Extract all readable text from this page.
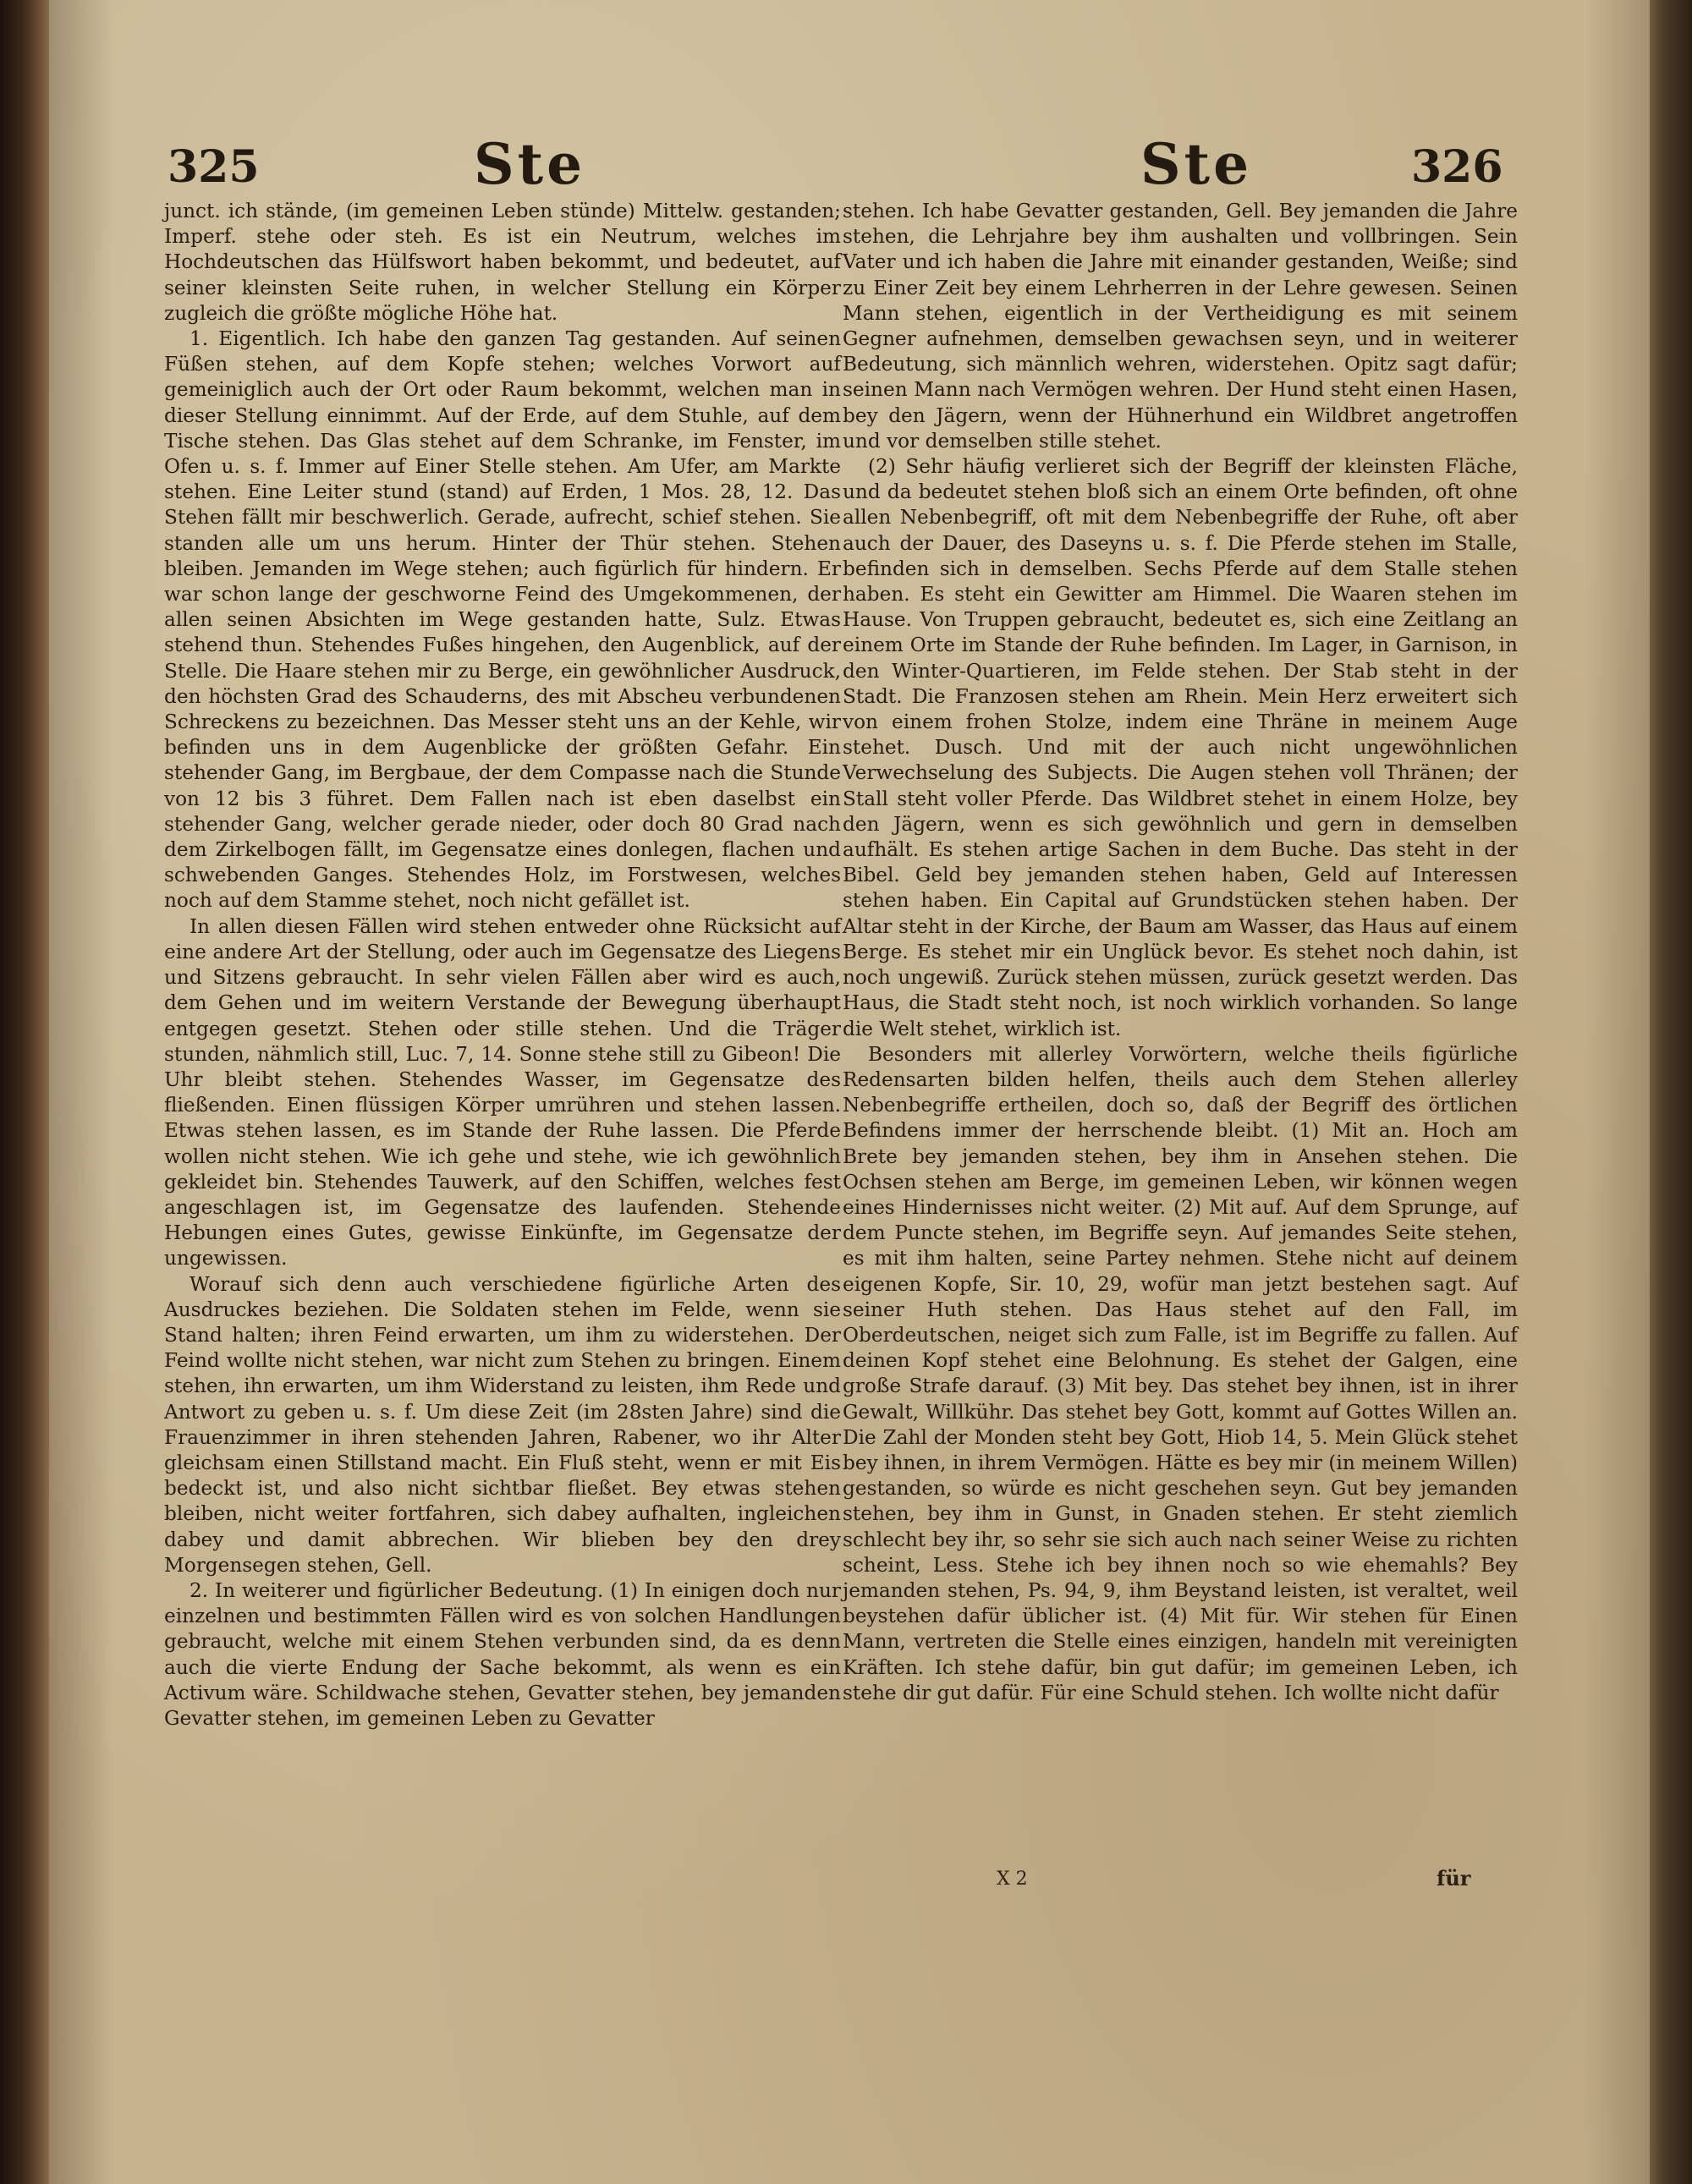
325	Ste	Ste	326

junct. ich stände, (im gemeinen Leben stünde) Mittelw. gestanden; Imperf. stehe oder steh. Es ist ein Neutrum, welches im Hochdeutschen das Hülfswort haben bekommt, und bedeutet, auf seiner kleinsten Seite ruhen, in welcher Stellung ein Körper zugleich die größte mögliche Höhe hat.

1. Eigentlich. Ich habe den ganzen Tag gestanden. Auf seinen Füßen stehen, auf dem Kopfe stehen; welches Vorwort auf gemeiniglich auch der Ort oder Raum bekommt, welchen man in dieser Stellung einnimmt. Auf der Erde, auf dem Stuhle, auf dem Tische stehen. Das Glas stehet auf dem Schranke, im Fenster, im Ofen u. s. f. Immer auf Einer Stelle stehen. Am Ufer, am Markte stehen. Eine Leiter stund (stand) auf Erden, 1 Mos. 28, 12. Das Stehen fällt mir beschwerlich. Gerade, aufrecht, schief stehen. Sie standen alle um uns herum. Hinter der Thür stehen. Stehen bleiben. Jemanden im Wege stehen; auch figürlich für hindern. Er war schon lange der geschworne Feind des Umgekommenen, der allen seinen Absichten im Wege gestanden hatte, Sulz. Etwas stehend thun. Stehendes Fußes hingehen, den Augenblick, auf der Stelle. Die Haare stehen mir zu Berge, ein gewöhnlicher Ausdruck, den höchsten Grad des Schauderns, des mit Abscheu verbundenen Schreckens zu bezeichnen. Das Messer steht uns an der Kehle, wir befinden uns in dem Augenblicke der größten Gefahr. Ein stehender Gang, im Bergbaue, der dem Compasse nach die Stunde von 12 bis 3 führet. Dem Fallen nach ist eben daselbst ein stehender Gang, welcher gerade nieder, oder doch 80 Grad nach dem Zirkelbogen fällt, im Gegensatze eines donlegen, flachen und schwebenden Ganges. Stehendes Holz, im Forstwesen, welches noch auf dem Stamme stehet, noch nicht gefället ist.

In allen diesen Fällen wird stehen entweder ohne Rücksicht auf eine andere Art der Stellung, oder auch im Gegensatze des Liegens und Sitzens gebraucht. In sehr vielen Fällen aber wird es auch, dem Gehen und im weitern Verstande der Bewegung überhaupt entgegen gesetzt. Stehen oder stille stehen. Und die Träger stunden, nähmlich still, Luc. 7, 14. Sonne stehe still zu Gibeon! Die Uhr bleibt stehen. Stehendes Wasser, im Gegensatze des fließenden. Einen flüssigen Körper umrühren und stehen lassen. Etwas stehen lassen, es im Stande der Ruhe lassen. Die Pferde wollen nicht stehen. Wie ich gehe und stehe, wie ich gewöhnlich gekleidet bin. Stehendes Tauwerk, auf den Schiffen, welches fest angeschlagen ist, im Gegensatze des laufenden. Stehende Hebungen eines Gutes, gewisse Einkünfte, im Gegensatze der ungewissen.

Worauf sich denn auch verschiedene figürliche Arten des Ausdruckes beziehen. Die Soldaten stehen im Felde, wenn sie Stand halten; ihren Feind erwarten, um ihm zu widerstehen. Der Feind wollte nicht stehen, war nicht zum Stehen zu bringen. Einem stehen, ihn erwarten, um ihm Widerstand zu leisten, ihm Rede und Antwort zu geben u. s. f. Um diese Zeit (im 28sten Jahre) sind die Frauenzimmer in ihren stehenden Jahren, Rabener, wo ihr Alter gleichsam einen Stillstand macht. Ein Fluß steht, wenn er mit Eis bedeckt ist, und also nicht sichtbar fließet. Bey etwas stehen bleiben, nicht weiter fortfahren, sich dabey aufhalten, ingleichen dabey und damit abbrechen. Wir blieben bey den drey Morgensegen stehen, Gell.

2. In weiterer und figürlicher Bedeutung. (1) In einigen doch nur einzelnen und bestimmten Fällen wird es von solchen Handlungen gebraucht, welche mit einem Stehen verbunden sind, da es denn auch die vierte Endung der Sache bekommt, als wenn es ein Activum wäre. Schildwache stehen, Gevatter stehen, bey jemanden Gevatter stehen, im gemeinen Leben zu Gevatter

stehen. Ich habe Gevatter gestanden, Gell. Bey jemanden die Jahre stehen, die Lehrjahre bey ihm aushalten und vollbringen. Sein Vater und ich haben die Jahre mit einander gestanden, Weiße; sind zu Einer Zeit bey einem Lehrherren in der Lehre gewesen. Seinen Mann stehen, eigentlich in der Vertheidigung es mit seinem Gegner aufnehmen, demselben gewachsen seyn, und in weiterer Bedeutung, sich männlich wehren, widerstehen. Opitz sagt dafür; seinen Mann nach Vermögen wehren. Der Hund steht einen Hasen, bey den Jägern, wenn der Hühnerhund ein Wildbret angetroffen und vor demselben stille stehet.

(2) Sehr häufig verlieret sich der Begriff der kleinsten Fläche, und da bedeutet stehen bloß sich an einem Orte befinden, oft ohne allen Nebenbegriff, oft mit dem Nebenbegriffe der Ruhe, oft aber auch der Dauer, des Daseyns u. s. f. Die Pferde stehen im Stalle, befinden sich in demselben. Sechs Pferde auf dem Stalle stehen haben. Es steht ein Gewitter am Himmel. Die Waaren stehen im Hause. Von Truppen gebraucht, bedeutet es, sich eine Zeitlang an einem Orte im Stande der Ruhe befinden. Im Lager, in Garnison, in den Winter-Quartieren, im Felde stehen. Der Stab steht in der Stadt. Die Franzosen stehen am Rhein. Mein Herz erweitert sich von einem frohen Stolze, indem eine Thräne in meinem Auge stehet. Dusch. Und mit der auch nicht ungewöhnlichen Verwechselung des Subjects. Die Augen stehen voll Thränen; der Stall steht voller Pferde. Das Wildbret stehet in einem Holze, bey den Jägern, wenn es sich gewöhnlich und gern in demselben aufhält. Es stehen artige Sachen in dem Buche. Das steht in der Bibel. Geld bey jemanden stehen haben, Geld auf Interessen stehen haben. Ein Capital auf Grundstücken stehen haben. Der Altar steht in der Kirche, der Baum am Wasser, das Haus auf einem Berge. Es stehet mir ein Unglück bevor. Es stehet noch dahin, ist noch ungewiß. Zurück stehen müssen, zurück gesetzt werden. Das Haus, die Stadt steht noch, ist noch wirklich vorhanden. So lange die Welt stehet, wirklich ist.

Besonders mit allerley Vorwörtern, welche theils figürliche Redensarten bilden helfen, theils auch dem Stehen allerley Nebenbegriffe ertheilen, doch so, daß der Begriff des örtlichen Befindens immer der herrschende bleibt. (1) Mit an. Hoch am Brete bey jemanden stehen, bey ihm in Ansehen stehen. Die Ochsen stehen am Berge, im gemeinen Leben, wir können wegen eines Hindernisses nicht weiter. (2) Mit auf. Auf dem Sprunge, auf dem Puncte stehen, im Begriffe seyn. Auf jemandes Seite stehen, es mit ihm halten, seine Partey nehmen. Stehe nicht auf deinem eigenen Kopfe, Sir. 10, 29, wofür man jetzt bestehen sagt. Auf seiner Huth stehen. Das Haus stehet auf den Fall, im Oberdeutschen, neiget sich zum Falle, ist im Begriffe zu fallen. Auf deinen Kopf stehet eine Belohnung. Es stehet der Galgen, eine große Strafe darauf. (3) Mit bey. Das stehet bey ihnen, ist in ihrer Gewalt, Willkühr. Das stehet bey Gott, kommt auf Gottes Willen an. Die Zahl der Monden steht bey Gott, Hiob 14, 5. Mein Glück stehet bey ihnen, in ihrem Vermögen. Hätte es bey mir (in meinem Willen) gestanden, so würde es nicht geschehen seyn. Gut bey jemanden stehen, bey ihm in Gunst, in Gnaden stehen. Er steht ziemlich schlecht bey ihr, so sehr sie sich auch nach seiner Weise zu richten scheint, Less. Stehe ich bey ihnen noch so wie ehemahls? Bey jemanden stehen, Ps. 94, 9, ihm Beystand leisten, ist veraltet, weil beystehen dafür üblicher ist. (4) Mit für. Wir stehen für Einen Mann, vertreten die Stelle eines einzigen, handeln mit vereinigten Kräften. Ich stehe dafür, bin gut dafür; im gemeinen Leben, ich stehe dir gut dafür. Für eine Schuld stehen. Ich wollte nicht dafür

X 2	für
